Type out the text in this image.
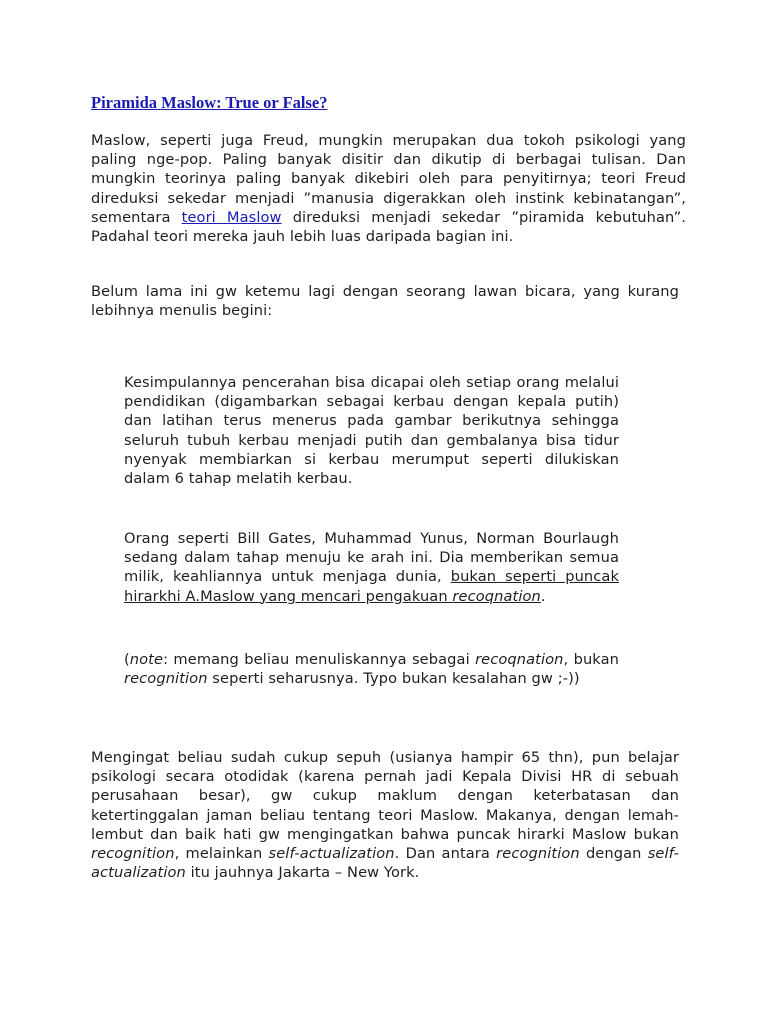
Piramida Maslow: True or False?

Maslow, seperti juga Freud, mungkin merupakan dua tokoh psikologi yang paling nge-pop. Paling banyak disitir dan dikutip di berbagai tulisan. Dan mungkin teorinya paling banyak dikebiri oleh para penyitirnya; teori Freud direduksi sekedar menjadi ”manusia digerakkan oleh instink kebinatangan”, sementara teori Maslow direduksi menjadi sekedar ”piramida kebutuhan”. Padahal teori mereka jauh lebih luas daripada bagian ini.

Belum lama ini gw ketemu lagi dengan seorang lawan bicara, yang kurang lebihnya menulis begini:

Kesimpulannya pencerahan bisa dicapai oleh setiap orang melalui pendidikan (digambarkan sebagai kerbau dengan kepala putih) dan latihan terus menerus pada gambar berikutnya sehingga seluruh tubuh kerbau menjadi putih dan gembalanya bisa tidur nyenyak membiarkan si kerbau merumput seperti dilukiskan dalam 6 tahap melatih kerbau.

Orang seperti Bill Gates, Muhammad Yunus, Norman Bourlaugh sedang dalam tahap menuju ke arah ini. Dia memberikan semua milik, keahliannya untuk menjaga dunia, bukan seperti puncak hirarkhi A.Maslow yang mencari pengakuan recoqnation.

(note: memang beliau menuliskannya sebagai recoqnation, bukan recognition seperti seharusnya. Typo bukan kesalahan gw ;-))

Mengingat beliau sudah cukup sepuh (usianya hampir 65 thn), pun belajar psikologi secara otodidak (karena pernah jadi Kepala Divisi HR di sebuah perusahaan besar), gw cukup maklum dengan keterbatasan dan ketertinggalan jaman beliau tentang teori Maslow. Makanya, dengan lemah-lembut dan baik hati gw mengingatkan bahwa puncak hirarki Maslow bukan recognition, melainkan self-actualization. Dan antara recognition dengan self-actualization itu jauhnya Jakarta – New York.
